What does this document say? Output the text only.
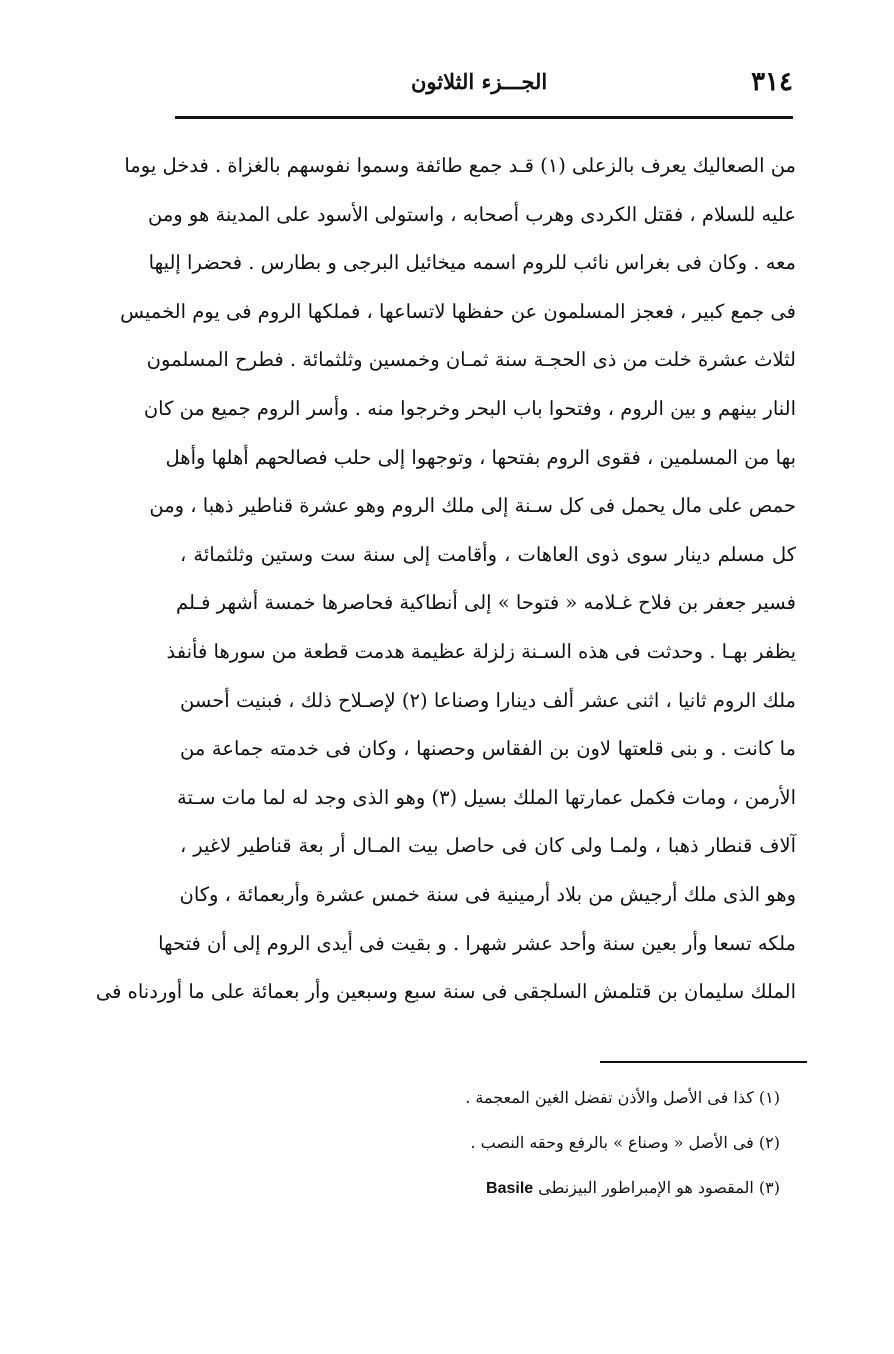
٣١٤
الجـــزء الثلاثون
من الصعاليك يعرف بالزعلى (١) قـد جمع طائفة وسموا نفوسهم بالغزاة . فدخل يوما
عليه للسلام ، فقتل الكردى وهرب أصحابه ، واستولى الأسود على المدينة هو ومن
معه . وكان فى بغراس نائب للروم اسمه ميخائيل البرجى و بطارس . فحضرا إليها
فى جمع كبير ، فعجز المسلمون عن حفظها لاتساعها ، فملكها الروم فى يوم الخميس
لثلاث عشرة خلت من ذى الحجـة سنة ثمـان وخمسين وثلثمائة . فطرح المسلمون
النار بينهم و بين الروم ، وفتحوا باب البحر وخرجوا منه . وأسر الروم جميع من كان
بها من المسلمين ، فقوى الروم بفتحها ، وتوجهوا إلى حلب فصالحهم أهلها وأهل
حمص على مال يحمل فى كل سـنة إلى ملك الروم وهو عشرة قناطير ذهبا ، ومن
كل مسلم دينار سوى ذوى العاهات ، وأقامت إلى سنة ست وستين وثلثمائة ،
فسير جعفر بن فلاح غـلامه « فتوحا » إلى أنطاكية فحاصرها خمسة أشهر فـلم
يظفر بهـا . وحدثت فى هذه السـنة زلزلة عظيمة هدمت قطعة من سورها فأنفذ
ملك الروم ثانيا ، اثنى عشر ألف دينارا وصناعا (٢) لإصـلاح ذلك ، فبنيت أحسن
ما كانت . و بنى قلعتها لاون بن الفقاس وحصنها ، وكان فى خدمته جماعة من
الأرمن ، ومات فكمل عمارتها الملك بسيل (٣) وهو الذى وجد له لما مات سـتة
آلاف قنطار ذهبا ، ولمـا ولى كان فى حاصل بيت المـال أر بعة قناطير لاغير ،
وهو الذى ملك أرجيش من بلاد أرمينية فى سنة خمس عشرة وأربعمائة ، وكان
ملكه تسعا وأر بعين سنة وأحد عشر شهرا . و بقيت فى أيدى الروم إلى أن فتحها
الملك سليمان بن قتلمش السلجقى فى سنة سبع وسبعين وأر بعمائة على ما أوردناه فى
(١) كذا فى الأصل والأذن تفضل الغين المعجمة .
(٢) فى الأصل « وصناع » بالرفع وحقه النصب .
(٣) المقصود هو الإمبراطور البيزنطى Basile
